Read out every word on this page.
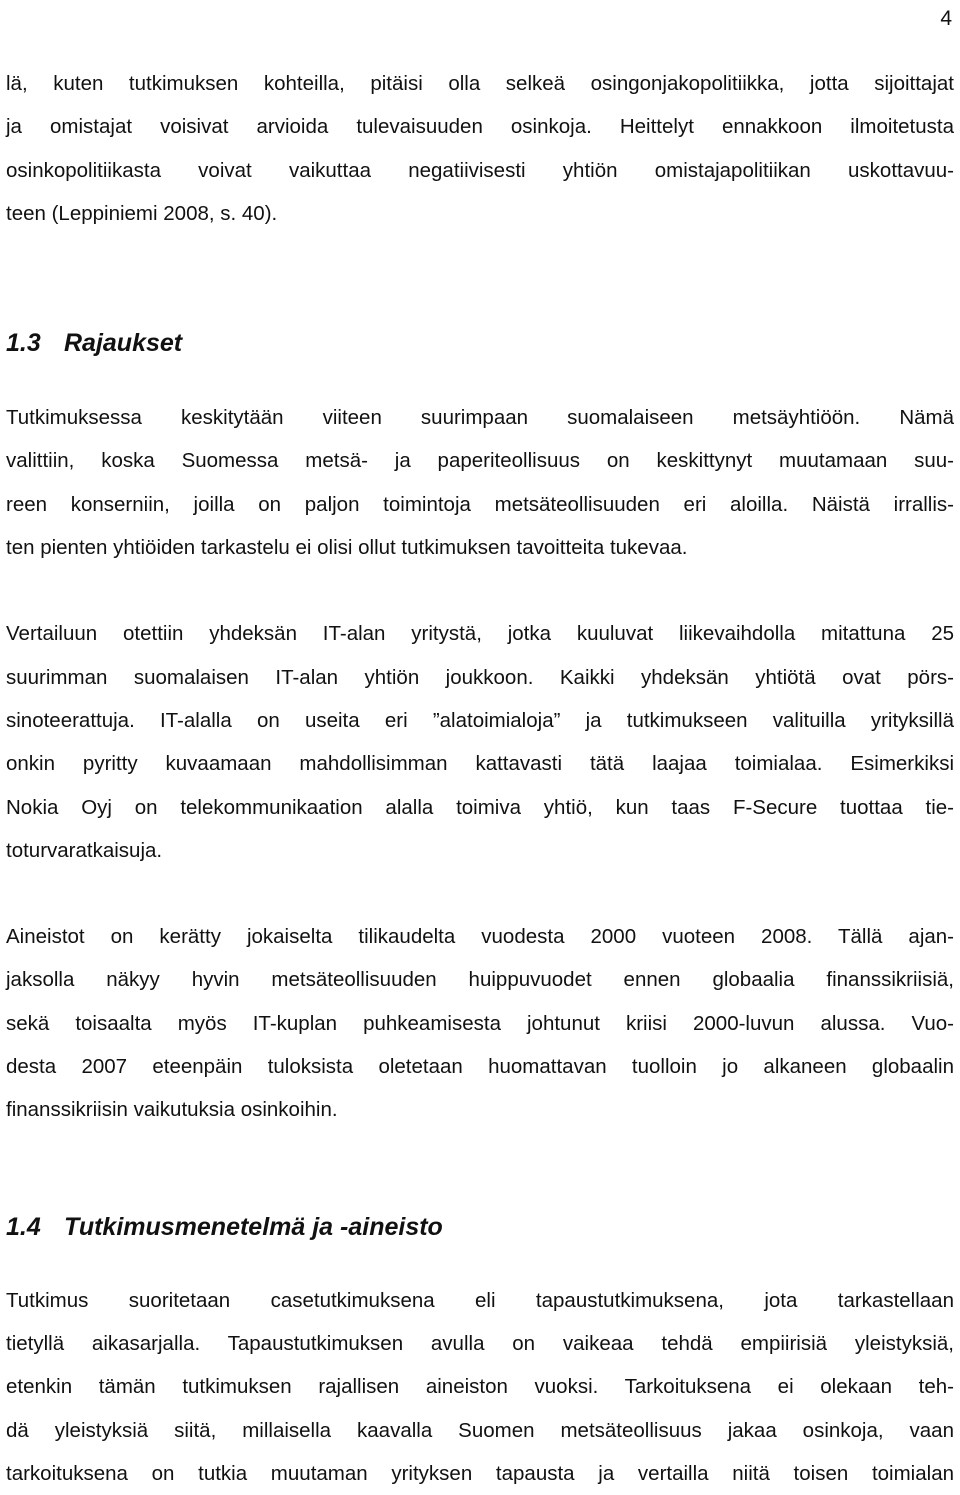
4

lä, kuten tutkimuksen kohteilla, pitäisi olla selkeä osingonjakopolitiikka, jotta sijoittajat
ja omistajat voisivat arvioida tulevaisuuden osinkoja. Heittelyt ennakkoon ilmoitetusta
osinkopolitiikasta voivat vaikuttaa negatiivisesti yhtiön omistajapolitiikan uskottavuu-
teen (Leppiniemi 2008, s. 40).

1.3 Rajaukset

Tutkimuksessa keskitytään viiteen suurimpaan suomalaiseen metsäyhtiöön. Nämä
valittiin, koska Suomessa metsä- ja paperiteollisuus on keskittynyt muutamaan suu-
reen konserniin, joilla on paljon toimintoja metsäteollisuuden eri aloilla. Näistä irrallis-
ten pienten yhtiöiden tarkastelu ei olisi ollut tutkimuksen tavoitteita tukevaa.

Vertailuun otettiin yhdeksän IT-alan yritystä, jotka kuuluvat liikevaihdolla mitattuna 25
suurimman suomalaisen IT-alan yhtiön joukkoon. Kaikki yhdeksän yhtiötä ovat pörs-
sinoteerattuja. IT-alalla on useita eri ”alatoimialoja” ja tutkimukseen valituilla yrityksillä
onkin pyritty kuvaamaan mahdollisimman kattavasti tätä laajaa toimialaa. Esimerkiksi
Nokia Oyj on telekommunikaation alalla toimiva yhtiö, kun taas F-Secure tuottaa tie-
toturvaratkaisuja.

Aineistot on kerätty jokaiselta tilikaudelta vuodesta 2000 vuoteen 2008. Tällä ajan-
jaksolla näkyy hyvin metsäteollisuuden huippuvuodet ennen globaalia finanssikriisiä,
sekä toisaalta myös IT-kuplan puhkeamisesta johtunut kriisi 2000-luvun alussa. Vuo-
desta 2007 eteenpäin tuloksista oletetaan huomattavan tuolloin jo alkaneen globaalin
finanssikriisin vaikutuksia osinkoihin.

1.4 Tutkimusmenetelmä ja -aineisto

Tutkimus suoritetaan casetutkimuksena eli tapaustutkimuksena, jota tarkastellaan
tietyllä aikasarjalla. Tapaustutkimuksen avulla on vaikeaa tehdä empiirisiä yleistyksiä,
etenkin tämän tutkimuksen rajallisen aineiston vuoksi. Tarkoituksena ei olekaan teh-
dä yleistyksiä siitä, millaisella kaavalla Suomen metsäteollisuus jakaa osinkoja, vaan
tarkoituksena on tutkia muutaman yrityksen tapausta ja vertailla niitä toisen toimialan
